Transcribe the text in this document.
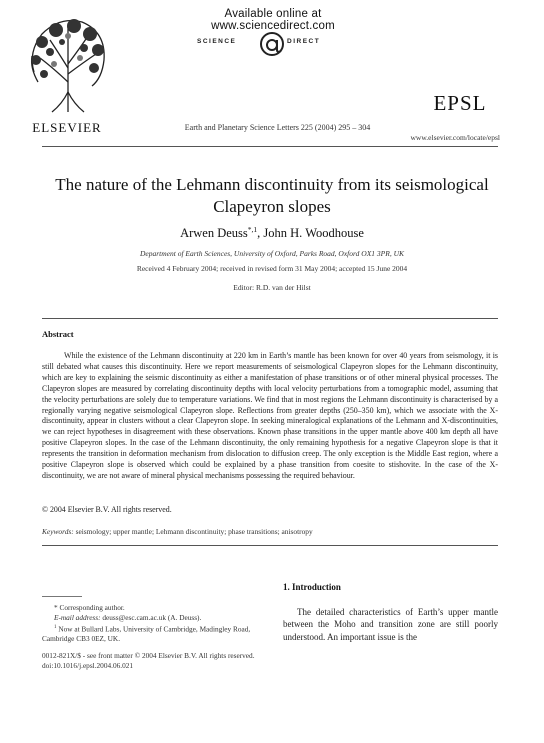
Available online at www.sciencedirect.com
SCIENCE	DIRECT
ELSEVIER	Earth and Planetary Science Letters 225 (2004) 295 – 304
EPSL
www.elsevier.com/locate/epsl
The nature of the Lehmann discontinuity from its seismological
Clapeyron slopes
Arwen Deuss$^{*,1}$, John H. Woodhouse
Department of Earth Sciences, University of Oxford, Parks Road, Oxford OX1 3PR, UK
Received 4 February 2004; received in revised form 31 May 2004; accepted 15 June 2004
Editor: R.D. van der Hilst
Abstract

While the existence of the Lehmann discontinuity at 220 km in Earth’s mantle has been known for over 40 years from seismology, it is still debated what causes this discontinuity. Here we report measurements of seismological Clapeyron slopes for the Lehmann discontinuity, which are key to explaining the seismic discontinuity as either a manifestation of phase transitions or of other mineral physical processes. The Clapeyron slopes are measured by correlating discontinuity depths with local velocity perturbations from a tomographic model, assuming that the velocity perturbations are solely due to temperature variations. We find that in most regions the Lehmann discontinuity is characterised by a regionally varying negative seismological Clapeyron slope. Reflections from greater depths (250–350 km), which we associate with the X-discontinuity, appear in clusters without a clear Clapeyron slope. In seeking mineralogical explanations of the Lehmann and X-discontinuities, we can reject hypotheses in disagreement with these observations. Known phase transitions in the upper mantle above 400 km depth all have positive Clapeyron slopes. In the case of the Lehmann discontinuity, the only remaining hypothesis for a negative Clapeyron slope is that it represents the transition in deformation mechanism from dislocation to diffusion creep. The only exception is the Middle East region, where a positive Clapeyron slope is observed which could be explained by a phase transition from coesite to stishovite. In the case of the X-discontinuity, we are not aware of mineral physical mechanisms possessing the required behaviour.

© 2004 Elsevier B.V. All rights reserved.
Keywords: seismology; upper mantle; Lehmann discontinuity; phase transitions; anisotropy
1. Introduction

The detailed characteristics of Earth’s upper mantle between the Moho and transition zone are still poorly understood. An important issue is the

* Corresponding author.
E-mail address: deuss@esc.cam.ac.uk (A. Deuss).
$^1$ Now at Bullard Labs, University of Cambridge, Madingley Road, Cambridge CB3 0EZ, UK.
0012-821X/$ - see front matter © 2004 Elsevier B.V. All rights reserved.
doi:10.1016/j.epsl.2004.06.021
